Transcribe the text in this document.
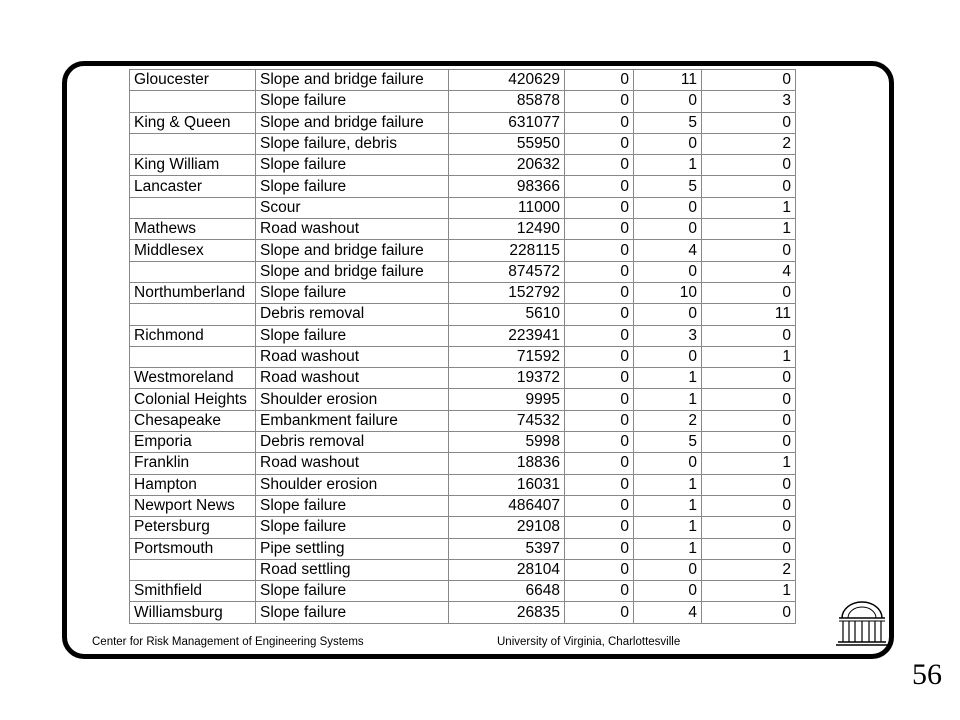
Gloucester	Slope and bridge failure	420629	0	11	0
	Slope failure	85878	0	0	3
King & Queen	Slope and bridge failure	631077	0	5	0
	Slope failure, debris	55950	0	0	2
King William	Slope failure	20632	0	1	0
Lancaster	Slope failure	98366	0	5	0
	Scour	11000	0	0	1
Mathews	Road washout	12490	0	0	1
Middlesex	Slope and bridge failure	228115	0	4	0
	Slope and bridge failure	874572	0	0	4
Northumberland	Slope failure	152792	0	10	0
	Debris removal	5610	0	0	11
Richmond	Slope failure	223941	0	3	0
	Road washout	71592	0	0	1
Westmoreland	Road washout	19372	0	1	0
Colonial Heights	Shoulder erosion	9995	0	1	0
Chesapeake	Embankment failure	74532	0	2	0
Emporia	Debris removal	5998	0	5	0
Franklin	Road washout	18836	0	0	1
Hampton	Shoulder erosion	16031	0	1	0
Newport News	Slope failure	486407	0	1	0
Petersburg	Slope failure	29108	0	1	0
Portsmouth	Pipe settling	5397	0	1	0
	Road settling	28104	0	0	2
Smithfield	Slope failure	6648	0	0	1
Williamsburg	Slope failure	26835	0	4	0
Center for Risk Management of Engineering Systems	University of Virginia, Charlottesville
56
